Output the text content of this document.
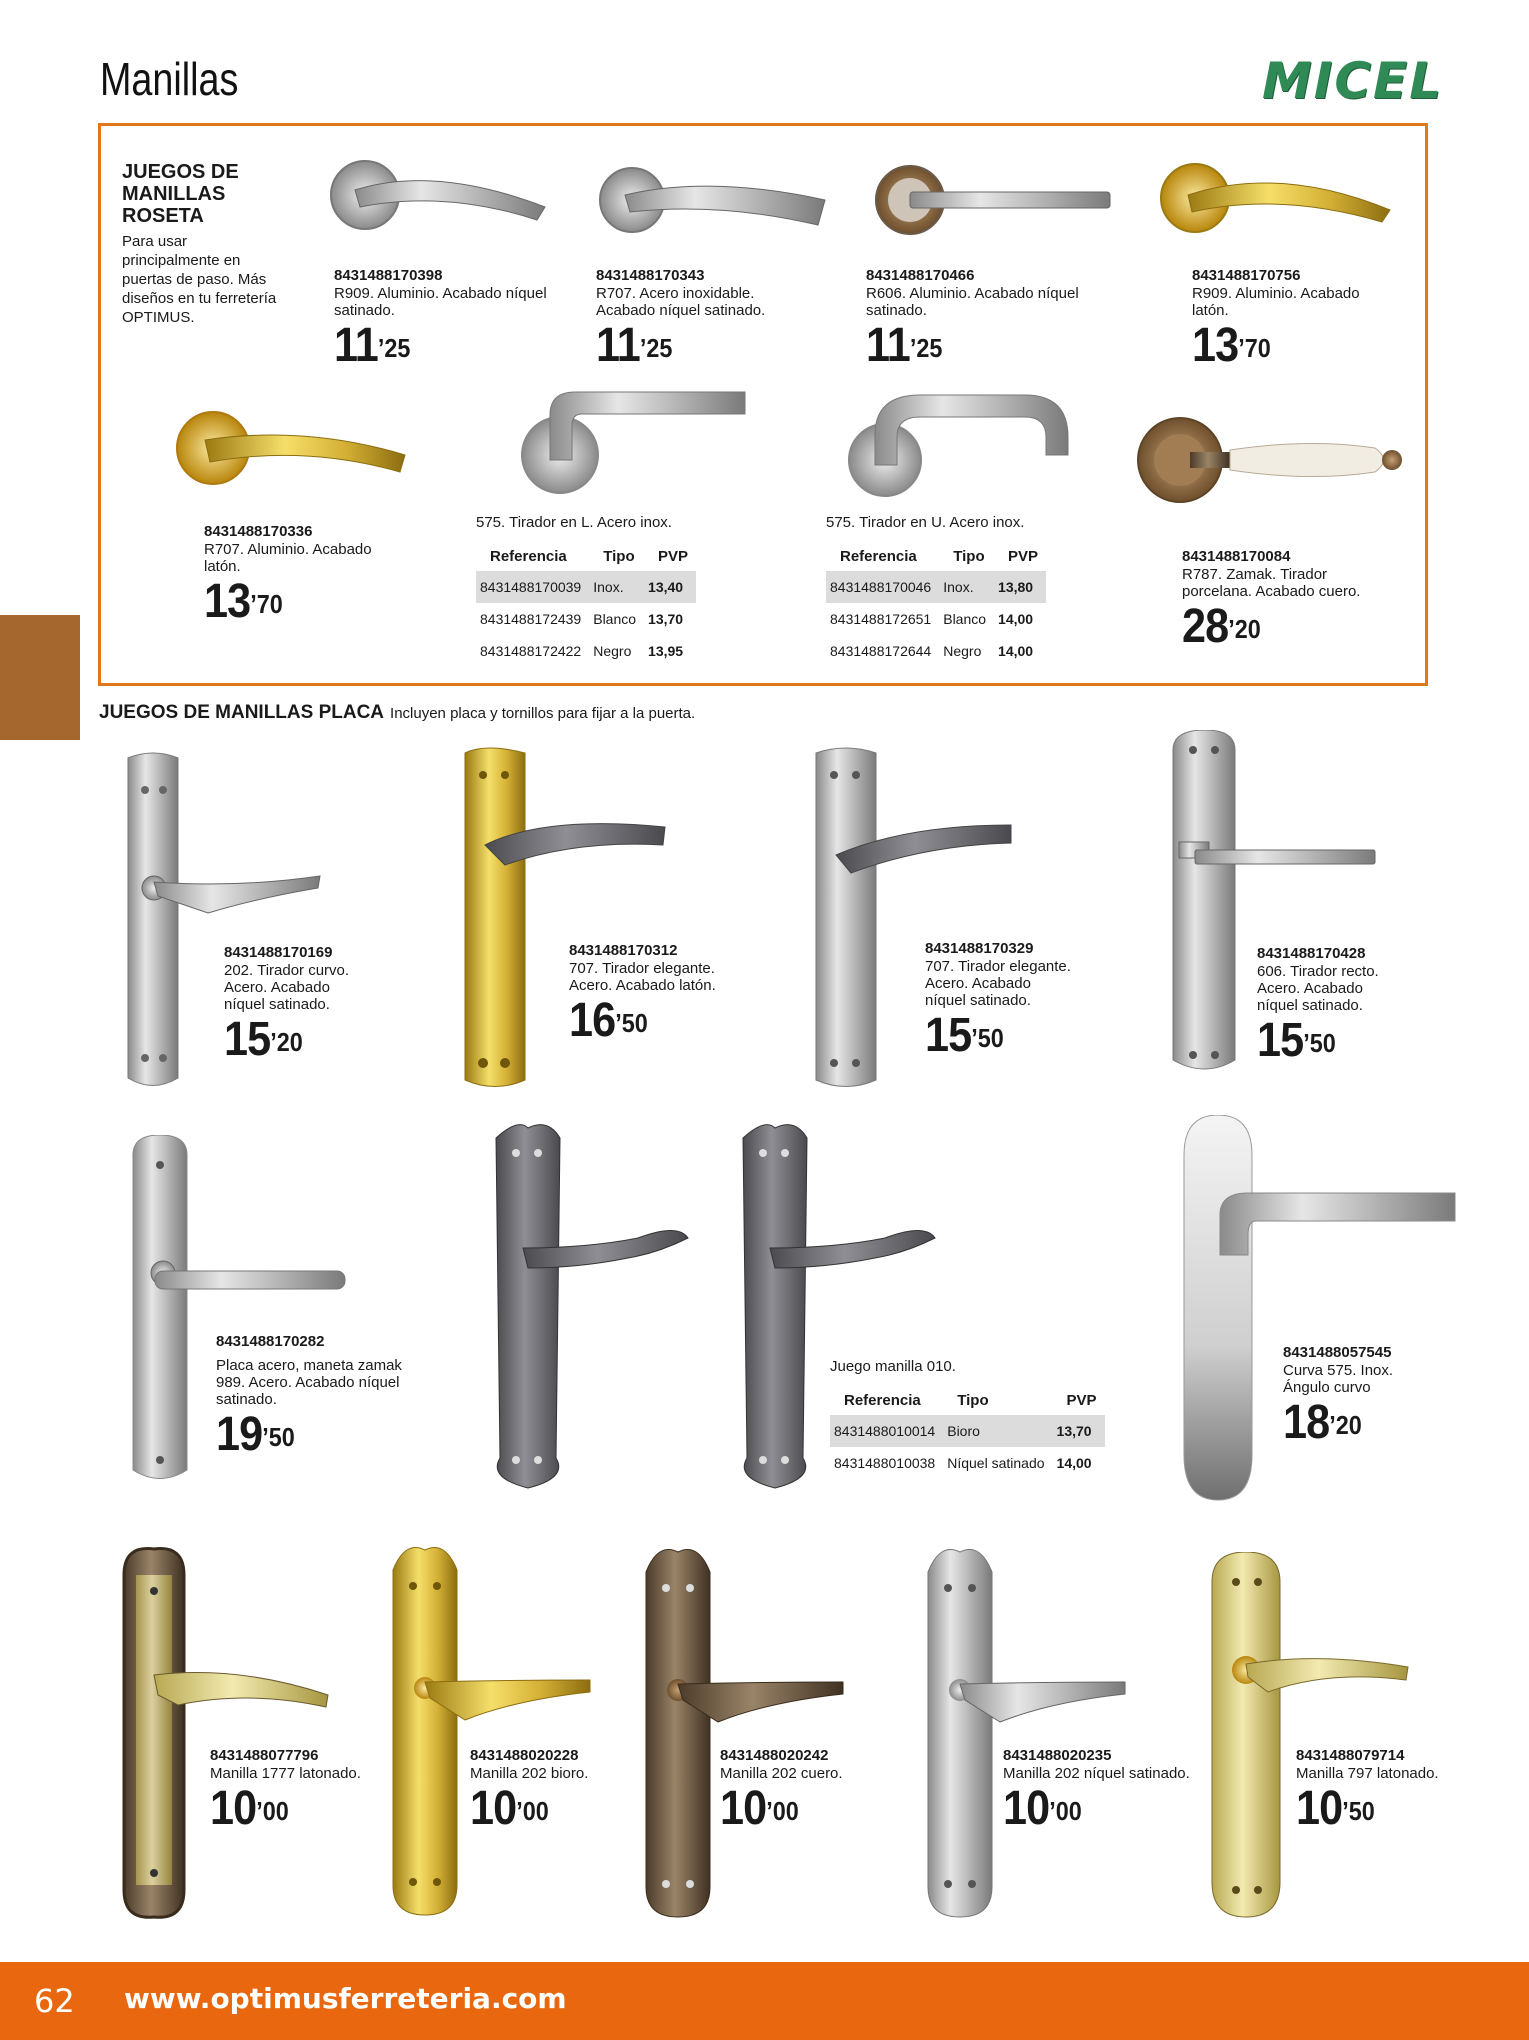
Manillas	MICEL
JUEGOS DE MANILLAS ROSETA
Para usar principalmente en puertas de paso. Más diseños en tu ferretería OPTIMUS.
8431488170398
R909. Aluminio. Acabado níquel satinado.
$11^{’25}$
8431488170343
R707. Acero inoxidable. Acabado níquel satinado.
$11^{’25}$
8431488170466
R606. Aluminio. Acabado níquel satinado.
$11^{’25}$
8431488170756
R909. Aluminio. Acabado latón.
$13^{’70}$
8431488170336
R707. Aluminio. Acabado latón.
$13^{’70}$
8431488170084
R787. Zamak. Tirador porcelana. Acabado cuero.
$28^{’20}$
575. Tirador en L. Acero inox.
Referencia	Tipo	PVP
8431488170039	Inox.	13,40
8431488172439	Blanco	13,70
8431488172422	Negro	13,95
575. Tirador en U. Acero inox.
Referencia	Tipo	PVP
8431488170046	Inox.	13,80
8431488172651	Blanco	14,00
8431488172644	Negro	14,00
JUEGOS DE MANILLAS PLACA Incluyen placa y tornillos para fijar a la puerta.
8431488170169
202. Tirador curvo. Acero. Acabado níquel satinado.
$15^{’20}$
8431488170312
707. Tirador elegante. Acero. Acabado latón.
$16^{’50}$
8431488170329
707. Tirador elegante. Acero. Acabado níquel satinado.
$15^{’50}$
8431488170428
606. Tirador recto. Acero. Acabado níquel satinado.
$15^{’50}$
8431488170282
Placa acero, maneta zamak 989. Acero. Acabado níquel satinado.
$19^{’50}$
8431488057545
Curva 575. Inox. Ángulo curvo
$18^{’20}$
Juego manilla 010.
Referencia	Tipo	PVP
8431488010014	Bioro	13,70
8431488010038	Níquel satinado	14,00
8431488077796
Manilla 1777 latonado.
$10^{’00}$
8431488020228
Manilla 202 bioro.
$10^{’00}$
8431488020242
Manilla 202 cuero.
$10^{’00}$
8431488020235
Manilla 202 níquel satinado.
$10^{’00}$
8431488079714
Manilla 797 latonado.
$10^{’50}$
62 www.optimusferreteria.com
